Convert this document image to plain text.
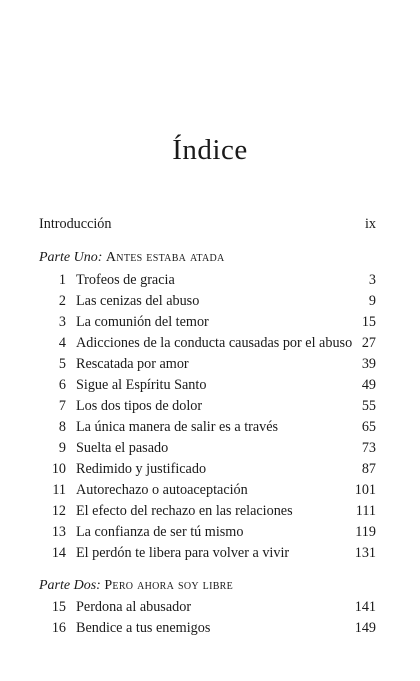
Índice
Introducción	ix
Parte Uno: Antes estaba atada
1 Trofeos de gracia	3
2 Las cenizas del abuso	9
3 La comunión del temor	15
4 Adicciones de la conducta causadas por el abuso 27
5 Rescatada por amor	39
6 Sigue al Espíritu Santo	49
7 Los dos tipos de dolor	55
8 La única manera de salir es a través	65
9 Suelta el pasado	73
10 Redimido y justificado	87
11 Autorechazo o autoaceptación	101
12 El efecto del rechazo en las relaciones	111
13 La confianza de ser tú mismo	119
14 El perdón te libera para volver a vivir	131
Parte Dos: Pero ahora soy libre
15 Perdona al abusador	141
16 Bendice a tus enemigos	149
